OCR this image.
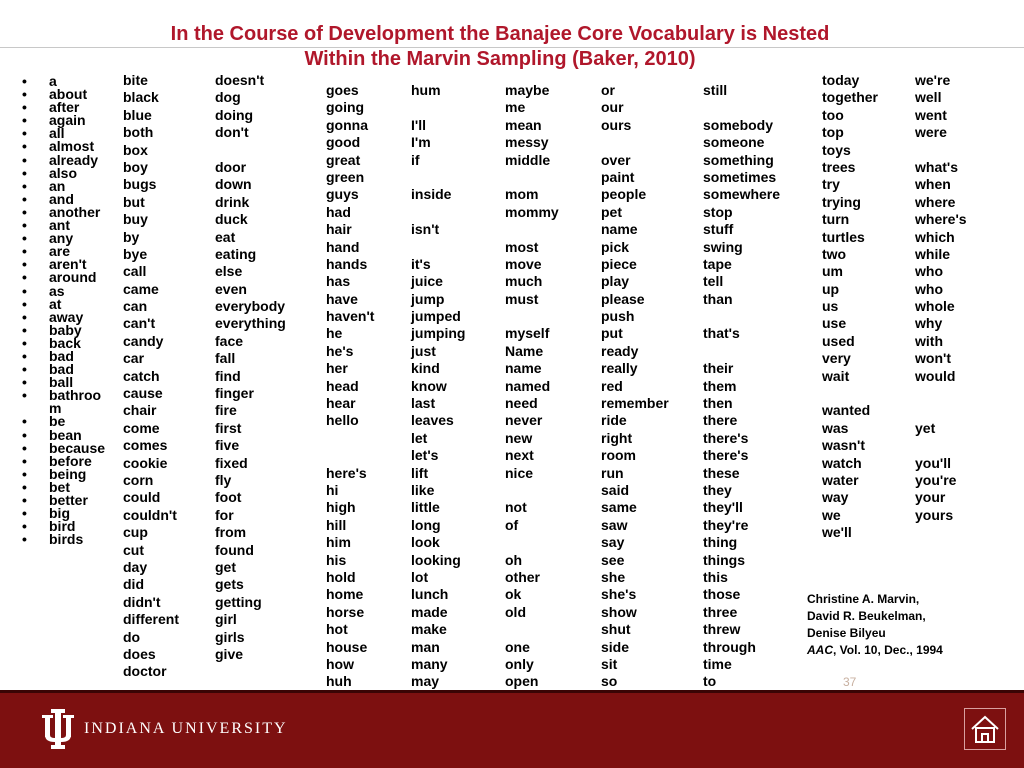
In the Course of Development the Banajee Core Vocabulary is Nested
Within the Marvin Sampling (Baker, 2010)
• a
• about
• after
• again
• all
• almost
• already
• also
• an
• and
• another
• ant
• any
• are
• aren't
• around
• as
• at
• away
• baby
• back
• bad
• bad
• ball
• bathroom
• be
• bean
• because
• before
• being
• bet
• better
• big
• bird
• birds
bite
black
blue
both
box
boy
bugs
but
buy
by
bye
call
came
can
can't
candy
car
catch
cause
chair
come
comes
cookie
corn
could
couldn't
cup
cut
day
did
didn't
different
do
does
doctor
doesn't
dog
doing
don't
door
down
drink
duck
eat
eating
else
even
everybody
everything
face
fall
find
finger
fire
first
five
fixed
fly
foot
for
from
found
get
gets
getting
girl
girls
give
goes
going
gonna
good
great
green
guys
had
hair
hand
hands
has
have
haven't
he
he's
her
head
hear
hello
here's
hi
high
hill
him
his
hold
home
horse
hot
house
how
huh
hum
I'll
I'm
if
inside
isn't
it's
juice
jump
jumped
jumping
just
kind
know
last
leaves
let
let's
lift
like
little
long
look
looking
lot
lunch
made
make
man
many
may
maybe
me
mean
messy
middle
mom
mommy
most
move
much
must
myself
Name
name
named
need
never
new
next
nice
not
of
oh
other
ok
old
one
only
open
or
our
ours
over
paint
people
pet
name
pick
piece
play
please
push
put
ready
really
red
remember
ride
right
room
run
said
same
saw
say
see
she
she's
show
shut
side
sit
so
still
somebody
someone
something
sometimes
somewhere
stop
stuff
swing
tape
tell
than
that's
their
them
then
there
there's
there's
these
they
they'll
they're
thing
things
this
those
three
threw
through
time
to
today
together
too
top
toys
trees
try
trying
turn
turtles
two
um
up
us
use
used
very
wait
wanted
was
wasn't
watch
water
way
we
we'll
we're
well
went
were
what's
when
where
where's
which
while
who
who
whole
why
with
won't
would
yet
you'll
you're
your
yours
Christine A. Marvin,
David R. Beukelman,
Denise Bilyeu
AAC, Vol. 10, Dec., 1994
37
INDIANA UNIVERSITY
